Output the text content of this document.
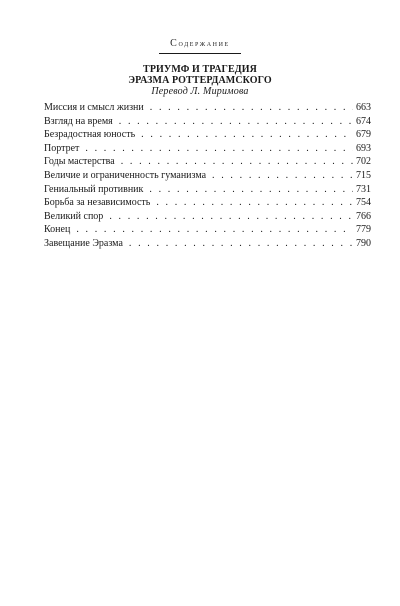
Содержание
ТРИУМФ И ТРАГЕДИЯ
ЭРАЗМА РОТТЕРДАМСКОГО
Перевод Л. Миримова
Миссия и смысл жизни . . .	663
Взгляд на время . . .	674
Безрадостная юность . . .	679
Портрет . . .	693
Годы мастерства . . .	702
Величие и ограниченность гуманизма . . .	715
Гениальный противник . . .	731
Борьба за независимость . . .	754
Великий спор . . .	766
Конец . . .	779
Завещание Эразма . . .	790
